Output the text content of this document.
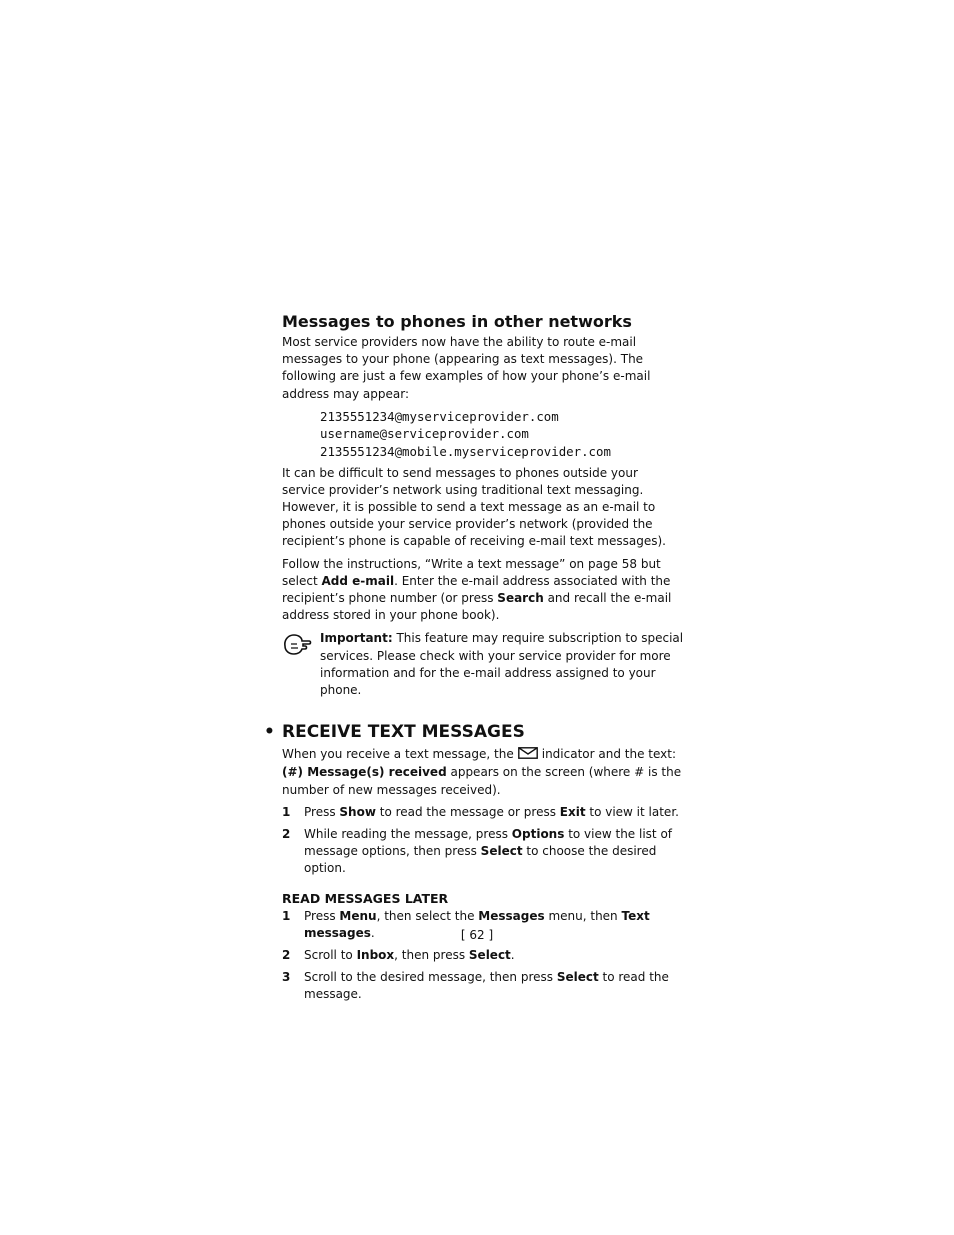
Messages to phones in other networks

Most service providers now have the ability to route e-mail messages to your phone (appearing as text messages). The following are just a few examples of how your phone’s e-mail address may appear:

2135551234@myserviceprovider.com
username@serviceprovider.com
2135551234@mobile.myserviceprovider.com

It can be difficult to send messages to phones outside your service provider’s network using traditional text messaging. However, it is possible to send a text message as an e-mail to phones outside your service provider’s network (provided the recipient’s phone is capable of receiving e-mail text messages).

Follow the instructions, “Write a text message” on page 58 but select Add e-mail. Enter the e-mail address associated with the recipient’s phone number (or press Search and recall the e-mail address stored in your phone book).

Important: This feature may require subscription to special services. Please check with your service provider for more information and for the e-mail address assigned to your phone.
• RECEIVE TEXT MESSAGES

When you receive a text message, the indicator and the text: (#) Message(s) received appears on the screen (where # is the number of new messages received).

1	Press Show to read the message or press Exit to view it later.
2	While reading the message, press Options to view the list of message options, then press Select to choose the desired option.
READ MESSAGES LATER
1	Press Menu, then select the Messages menu, then Text messages.
2	Scroll to Inbox, then press Select.
3	Scroll to the desired message, then press Select to read the message.
[ 62 ]
